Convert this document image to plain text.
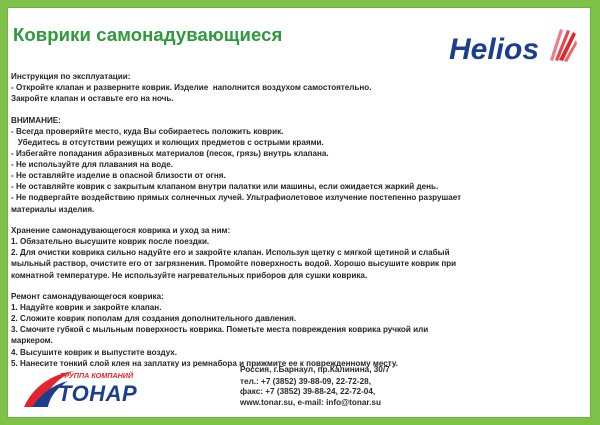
Коврики самонадувающиеся	Helios

Инструкция по эксплуатации:

- Откройте клапан и разверните коврик. Изделие  наполнится воздухом самостоятельно.

Закройте клапан и оставьте его на ночь.

ВНИМАНИЕ:

- Всегда проверяйте место, куда Вы собираетесь положить коврик.

Убедитесь в отсутствии режущих и колющих предметов с острыми краями.

- Избегайте попадания абразивных материалов (песок, грязь) внутрь клапана.

- Не используйте для плавания на воде.

- Не оставляйте изделие в опасной близости от огня.

- Не оставляйте коврик с закрытым клапаном внутри палатки или машины, если ожидается жаркий день.

- Не подвергайте воздействию прямых солнечных лучей. Ультрафиолетовое излучение постепенно разрушает

материалы изделия.

Хранение самонадувающегося коврика и уход за ним:

1. Обязательно высушите коврик после поездки.

2. Для очистки коврика сильно надуйте его и закройте клапан. Используя щетку с мягкой щетиной и слабый

мыльный раствор, очистите его от загрязнения. Промойте поверхность водой. Хорошо высушите коврик при

комнатной температуре. Не используйте нагревательных приборов для сушки коврика.

Ремонт самонадувающегося коврика:

1. Надуйте коврик и закройте клапан.

2. Сложите коврик пополам для создания дополнительного давления.

3. Смочите губкой с мыльным поверхность коврика. Пометьте места повреждения коврика ручкой или

маркером.

4. Высушите коврик и выпустите воздух.

5. Нанесите тонкий слой клея на заплатку из ремнабора и прижмите ее к поврежденному месту.

ГРУППА КОМПАНИЙ
ТОНАР
Россия, г.Барнаул, пр.Калинина, 30/7
тел.: +7 (3852) 39-88-09, 22-72-28,
факс: +7 (3852) 39-88-24, 22-72-04,
www.tonar.su, e-mail: info@tonar.su
